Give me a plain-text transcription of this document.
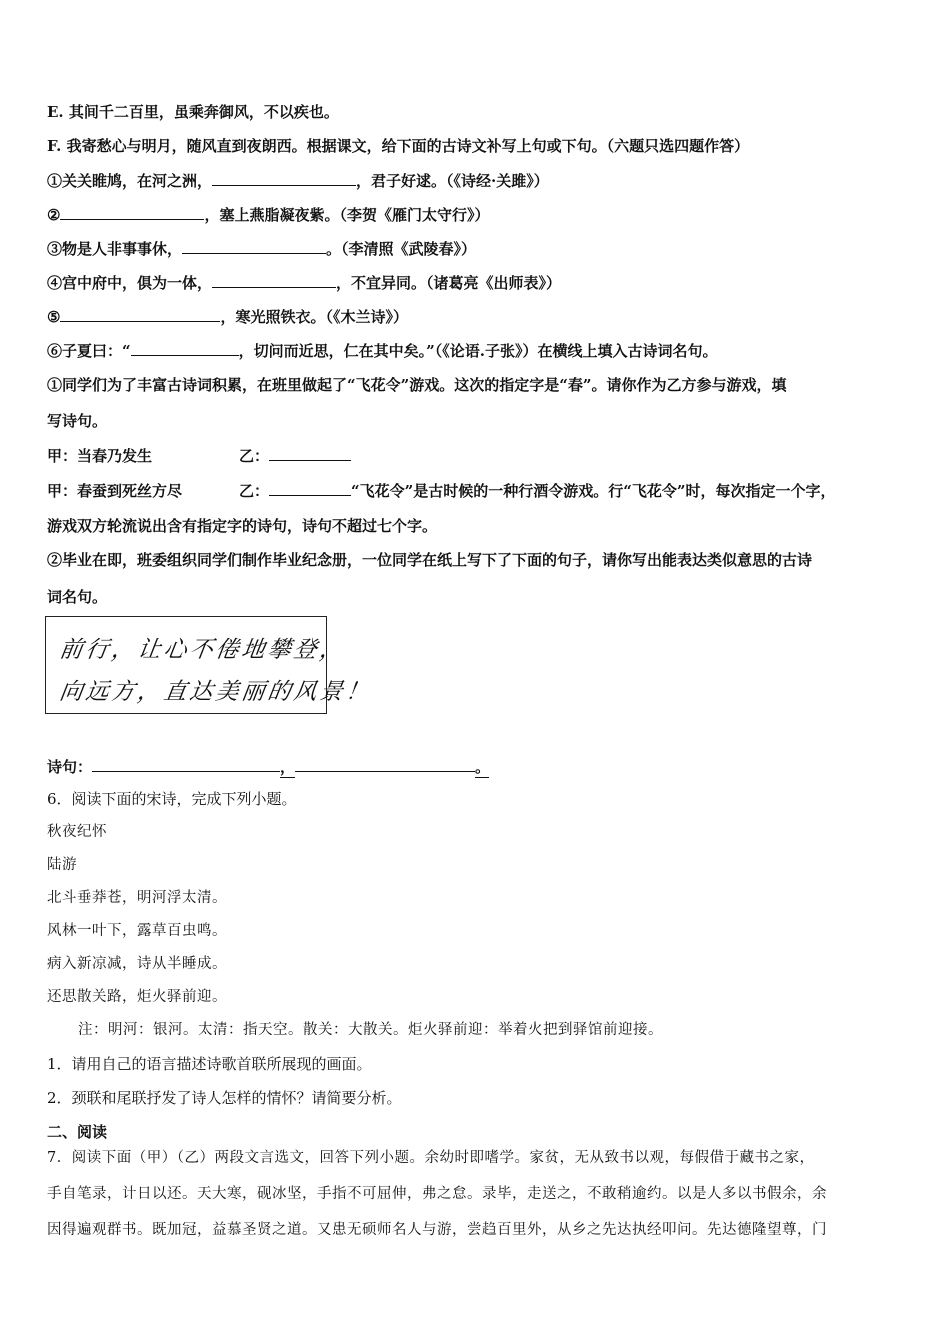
E. 其间千二百里，虽乘奔御风，不以疾也。
F. 我寄愁心与明月，随风直到夜朗西。根据课文，给下面的古诗文补写上句或下句。（六题只选四题作答）
①关关睢鸠，在河之洲，	，君子好逑。（《诗经·关雎》）
②	，塞上燕脂凝夜紫。（李贺《雁门太守行》）
③物是人非事事休，	。（李清照《武陵春》）
④宫中府中，俱为一体，	，不宜异同。（诸葛亮《出师表》）
⑤	，寒光照铁衣。（《木兰诗》）
⑥子夏曰：“	，切问而近思，仁在其中矣。”（《论语.子张》）在横线上填入古诗词名句。
①同学们为了丰富古诗词积累，在班里做起了“飞花令”游戏。这次的指定字是“春”。请你作为乙方参与游戏，填
写诗句。
甲：当春乃发生	乙：
甲：春蚕到死丝方尽	乙：	“飞花令”是古时候的一种行酒令游戏。行“飞花令”时，每次指定一个字，
游戏双方轮流说出含有指定字的诗句，诗句不超过七个字。
②毕业在即，班委组织同学们制作毕业纪念册，一位同学在纸上写下了下面的句子，请你写出能表达类似意思的古诗
词名句。
前行，让心不倦地攀登，
向远方，直达美丽的风景！
诗句：	，	。
6．阅读下面的宋诗，完成下列小题。
秋夜纪怀
陆游
北斗垂莽苍，明河浮太清。
风林一叶下，露草百虫鸣。
病入新凉减，诗从半睡成。
还思散关路，炬火驿前迎。
注：明河：银河。太清：指天空。散关：大散关。炬火驿前迎：举着火把到驿馆前迎接。
1．请用自己的语言描述诗歌首联所展现的画面。
2．颈联和尾联抒发了诗人怎样的情怀？请简要分析。
二、阅读
7．阅读下面（甲）（乙）两段文言选文，回答下列小题。余幼时即嗜学。家贫，无从致书以观，每假借于藏书之家，
手自笔录，计日以还。天大寒，砚冰坚，手指不可屈伸，弗之怠。录毕，走送之，不敢稍逾约。以是人多以书假余，余
因得遍观群书。既加冠，益慕圣贤之道。又患无硕师名人与游，尝趋百里外，从乡之先达执经叩问。先达德隆望尊，门
